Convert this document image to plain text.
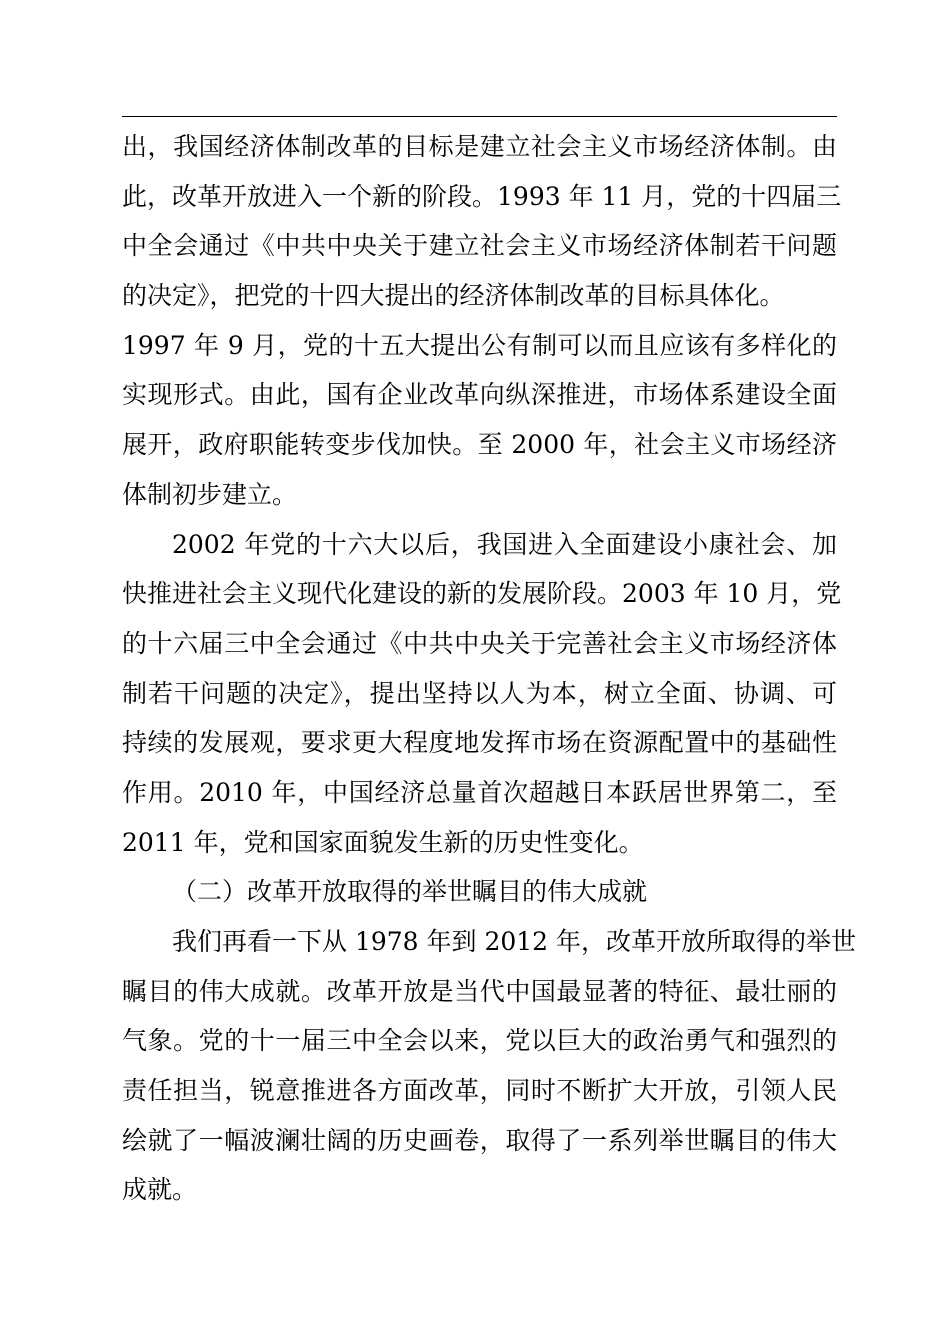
出，我国经济体制改革的目标是建立社会主义市场经济体制。由
此，改革开放进入一个新的阶段。1993 年 11 月，党的十四届三
中全会通过《中共中央关于建立社会主义市场经济体制若干问题
的决定》，把党的十四大提出的经济体制改革的目标具体化。
1997 年 9 月，党的十五大提出公有制可以而且应该有多样化的
实现形式。由此，国有企业改革向纵深推进，市场体系建设全面
展开，政府职能转变步伐加快。至 2000 年，社会主义市场经济
体制初步建立。
2002 年党的十六大以后，我国进入全面建设小康社会、加
快推进社会主义现代化建设的新的发展阶段。2003 年 10 月，党
的十六届三中全会通过《中共中央关于完善社会主义市场经济体
制若干问题的决定》，提出坚持以人为本，树立全面、协调、可
持续的发展观，要求更大程度地发挥市场在资源配置中的基础性
作用。2010 年，中国经济总量首次超越日本跃居世界第二，至
2011 年，党和国家面貌发生新的历史性变化。
（二）改革开放取得的举世瞩目的伟大成就
我们再看一下从 1978 年到 2012 年，改革开放所取得的举世
瞩目的伟大成就。改革开放是当代中国最显著的特征、最壮丽的
气象。党的十一届三中全会以来，党以巨大的政治勇气和强烈的
责任担当，锐意推进各方面改革，同时不断扩大开放，引领人民
绘就了一幅波澜壮阔的历史画卷，取得了一系列举世瞩目的伟大
成就。
